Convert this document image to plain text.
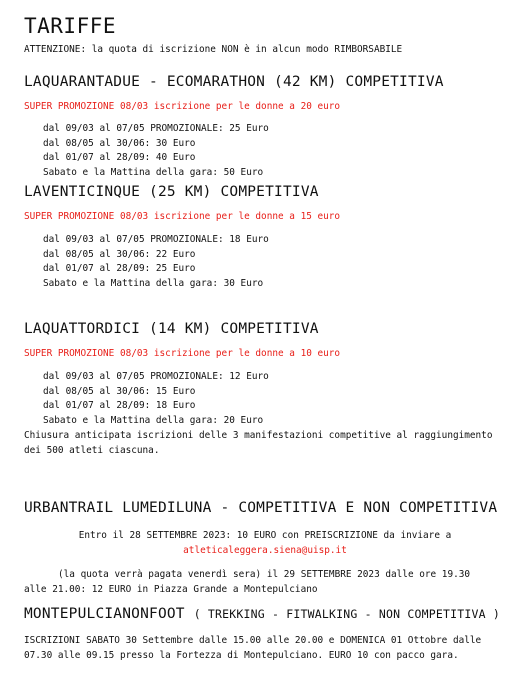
TARIFFE
ATTENZIONE: la quota di iscrizione NON è in alcun modo RIMBORSABILE
LAQUARANTADUE - ECOMARATHON (42 KM) COMPETITIVA
SUPER PROMOZIONE 08/03 iscrizione per le donne a 20 euro
dal 09/03 al 07/05 PROMOZIONALE: 25 Euro
dal 08/05 al 30/06: 30 Euro
dal 01/07 al 28/09: 40 Euro
Sabato e la Mattina della gara: 50 Euro
LAVENTICINQUE (25 KM) COMPETITIVA
SUPER PROMOZIONE 08/03 iscrizione per le donne a 15 euro
dal 09/03 al 07/05 PROMOZIONALE: 18 Euro
dal 08/05 al 30/06: 22 Euro
dal 01/07 al 28/09: 25 Euro
Sabato e la Mattina della gara: 30 Euro
LAQUATTORDICI (14 KM) COMPETITIVA
SUPER PROMOZIONE 08/03 iscrizione per le donne a 10 euro
dal 09/03 al 07/05 PROMOZIONALE: 12 Euro
dal 08/05 al 30/06: 15 Euro
dal 01/07 al 28/09: 18 Euro
Sabato e la Mattina della gara: 20 Euro
Chiusura anticipata iscrizioni delle 3 manifestazioni competitive al raggiungimento dei 500 atleti ciascuna.
URBANTRAIL LUMEDILUNA - COMPETITIVA E NON COMPETITIVA
Entro il 28 SETTEMBRE 2023: 10 EURO con PREISCRIZIONE da inviare a
atleticaleggera.siena@uisp.it
(la quota verrà pagata venerdì sera) il 29 SETTEMBRE 2023 dalle ore 19.30 alle 21.00: 12 EURO in Piazza Grande a Montepulciano
MONTEPULCIANONFOOT ( TREKKING - FITWALKING - NON COMPETITIVA )
ISCRIZIONI SABATO 30 Settembre dalle 15.00 alle 20.00 e DOMENICA 01 Ottobre dalle 07.30 alle 09.15 presso la Fortezza di Montepulciano. EURO 10 con pacco gara.
